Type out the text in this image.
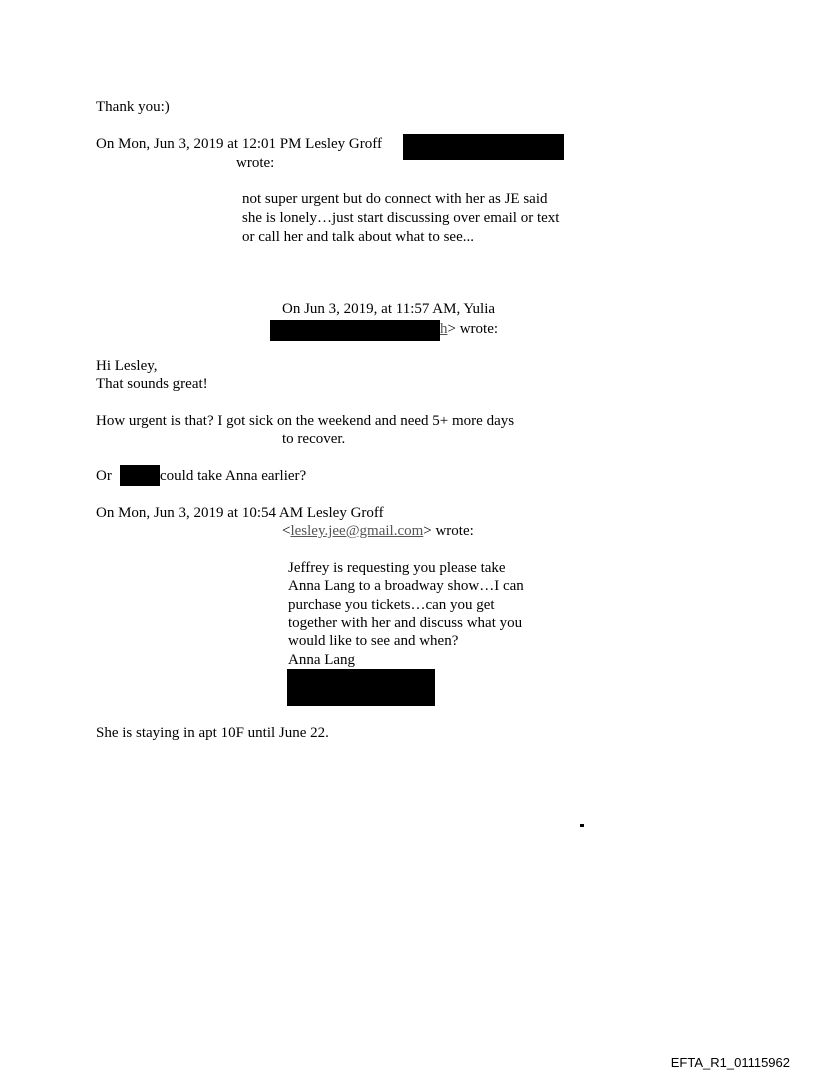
Thank you:)
On Mon, Jun 3, 2019 at 12:01 PM Lesley Groff
wrote:
not super urgent but do connect with her as JE said
she is lonely…just start discussing over email or text
or call her and talk about what to see...
On Jun 3, 2019, at 11:57 AM, Yulia
h> wrote:
Hi Lesley,
That sounds great!
How urgent is that? I got sick on the weekend and need 5+ more days
to recover.
Or	could take Anna earlier?
On Mon, Jun 3, 2019 at 10:54 AM Lesley Groff
<lesley.jee@gmail.com> wrote:
Jeffrey is requesting you please take
Anna Lang to a broadway show…I can
purchase you tickets…can you get
together with her and discuss what you
would like to see and when?
Anna Lang
She is staying in apt 10F until June 22.
EFTA_R1_01115962
